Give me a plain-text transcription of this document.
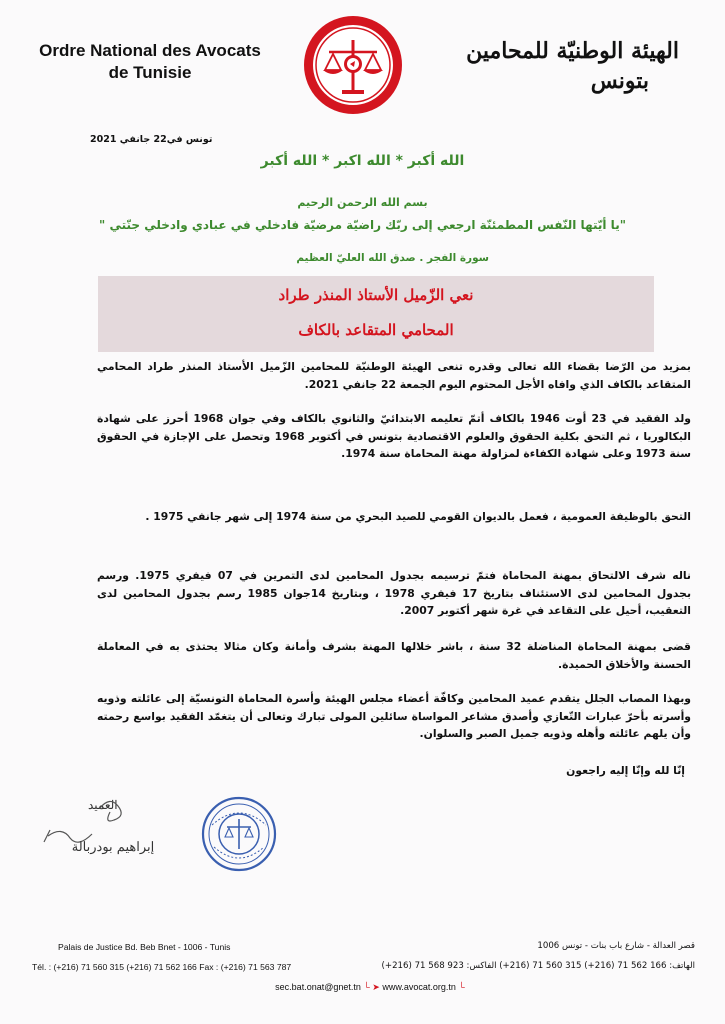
Ordre National des Avocats
de Tunisie
الهيئة الوطنيّة للمحامين
بتونس
تونس في22 جانفي 2021
الله أكبر * الله اكبر * الله أكبر
بسم الله الرحمن الرحيم
"يا أيّتها النّفس المطمئنّة ارجعي إلى ربّك راضيّة مرضيّة فادخلي في عبادي وادخلي جنّتي "
سورة الفجر . صدق الله العليّ العظيم
نعي الزّميل الأستاذ المنذر طراد
المحامي المتقاعد بالكاف
بمزيد من الرّضا بقضاء الله تعالى وقدره تنعى الهيئة الوطنيّة للمحامين الزّميل الأستاذ المنذر طراد المحامي المتقاعد بالكاف الذي وافاه الأجل المحتوم اليوم الجمعة 22 جانفي 2021.
ولد الفقيد في 23 أوت 1946 بالكاف أتمّ تعليمه الابتدائيّ والثانوي بالكاف وفي جوان 1968 أحرز على شهادة البكالوريا ، ثم التحق بكلية الحقوق والعلوم الاقتصادية بتونس في أكتوبر 1968 وتحصل على الإجازة في الحقوق سنة 1973 وعلى شهادة الكفاءة لمزاولة مهنة المحاماة سنة 1974.
التحق بالوظيفة العمومية ، فعمل بالديوان القومي للصيد البحري من سنة 1974 إلى شهر جانفي 1975 .
ناله شرف الالتحاق بمهنة المحاماة فتمّ ترسيمه بجدول المحامين لدى التمرين في 07 فيفري 1975. ورسم بجدول المحامين لدى الاستئناف بتاريخ 17 فيفري 1978 ، وبتاريخ 14جوان 1985 رسم بجدول المحامين لدى التعقيب، أحيل على التقاعد في غرة شهر أكتوبر 2007.
قضى بمهنة المحاماة المناضلة 32 سنة ، باشر خلالها المهنة بشرف وأمانة وكان مثالا يحتذى به في المعاملة الحسنة والأخلاق الحميدة.
وبهذا المصاب الجلل يتقدم عميد المحامين وكافّة أعضاء مجلس الهيئة وأسرة المحاماة التونسيّة إلى عائلته وذويه وأسرته بأحرّ عبارات التّعازي وأصدق مشاعر المواساة سائلين المولى تبارك وتعالى أن يتغمّد الفقيد بواسع رحمته وأن يلهم عائلته وأهله وذويه جميل الصبر والسلوان.
إنّا لله وإنّا إليه راجعون
العميد
إبراهيم بودربالة
Palais de Justice Bd. Beb Bnet - 1006 - Tunis
Tél. : (+216) 71 560 315 (+216) 71 562 166 Fax : (+216) 71 563 787
قصر العدالة - شارع باب بنات - تونس 1006
الهاتف: 166 562 71 (216+) 315 560 71 (216+) الفاكس: 923 568 71 (216+)
sec.bat.onat@gnet.tn └ ➤ www.avocat.org.tn └
